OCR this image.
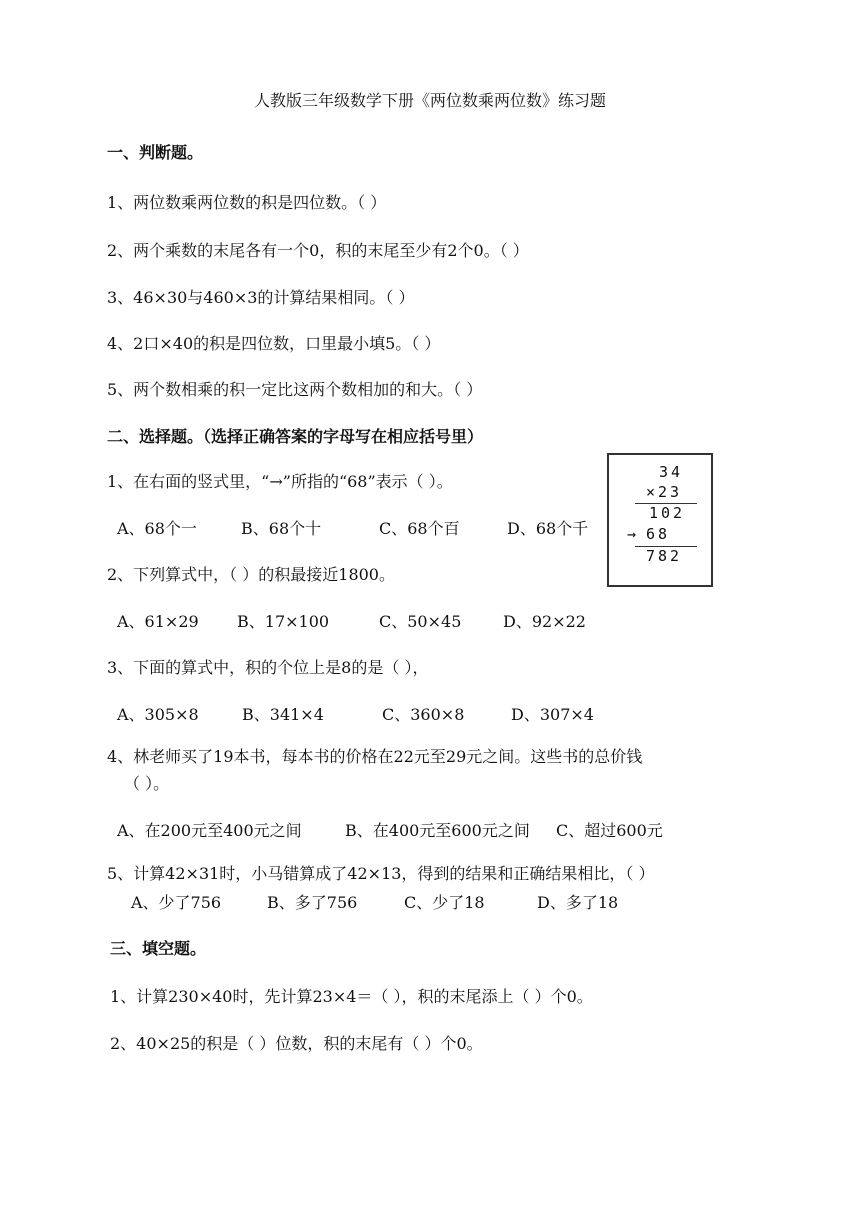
人教版三年级数学下册《两位数乘两位数》练习题
一、判断题。
1、两位数乘两位数的积是四位数。（ ）
2、两个乘数的末尾各有一个0，积的末尾至少有2个0。（ ）
3、46×30与460×3的计算结果相同。（ ）
4、2口×40的积是四位数，口里最小填5。（ ）
5、两个数相乘的积一定比这两个数相加的和大。（ ）
二、选择题。（选择正确答案的字母写在相应括号里）
1、在右面的竖式里，“→”所指的“68”表示（ ）。
A、68个一	B、68个十	C、68个百	D、68个千
2、下列算式中，（ ）的积最接近1800。
A、61×29 B、17×100	C、50×45	D、92×22
3、下面的算式中，积的个位上是8的是（ ），
A、305×8	B、341×4	C、360×8	D、307×4
4、林老师买了19本书，每本书的价格在22元至29元之间。这些书的总价钱
（ ）。
A、在200元至400元之间	B、在400元至600元之间 C、超过600元
5、计算42×31时，小马错算成了42×13，得到的结果和正确结果相比，（ ）
A、少了756	B、多了756	C、少了18	D、多了18
34
×23
102
→ 68
782
三、填空题。
1、计算230×40时，先计算23×4＝（ ），积的末尾添上（ ）个0。
2、40×25的积是（ ）位数，积的末尾有（ ）个0。
